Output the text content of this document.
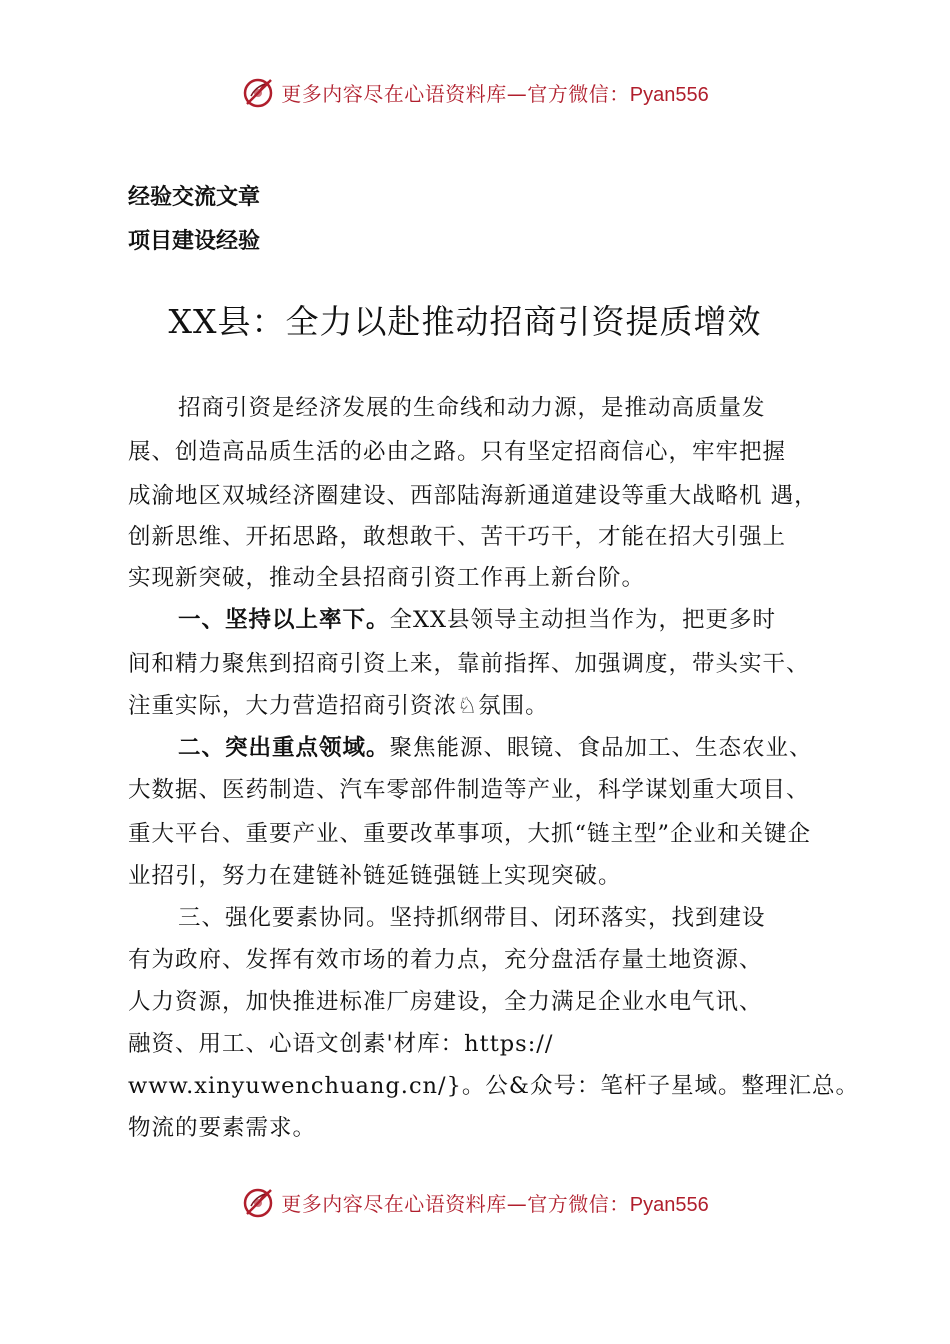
更多内容尽在心语资料库—官方微信：Pyan556
经验交流文章
项目建设经验
XX县：全力以赴推动招商引资提质增效
招商引资是经济发展的生命线和动力源，是推动高质量发
展、创造高品质生活的必由之路。只有坚定招商信心，牢牢把握
成渝地区双城经济圈建设、西部陆海新通道建设等重大战略机 遇，
创新思维、开拓思路，敢想敢干、苦干巧干，才能在招大引强上
实现新突破，推动全县招商引资工作再上新台阶。
一、坚持以上率下。全XX县领导主动担当作为，把更多时
间和精力聚焦到招商引资上来，靠前指挥、加强调度，带头实干、
注重实际，大力营造招商引资浓♘氛围。
二、突出重点领域。聚焦能源、眼镜、食品加工、生态农业、
大数据、医药制造、汽车零部件制造等产业，科学谋划重大项目、
重大平台、重要产业、重要改革事项，大抓“链主型”企业和关键企
业招引，努力在建链补链延链强链上实现突破。
三、强化要素协同。坚持抓纲带目、闭环落实，找到建设
有为政府、发挥有效市场的着力点，充分盘活存量土地资源、
人力资源，加快推进标准厂房建设，全力满足企业水电气讯、
融资、用工、心语文创素'材库：https://
www.xinyuwenchuang.cn/}。公&众号：笔杆子星域。整理汇总。
物流的要素需求。
更多内容尽在心语资料库—官方微信：Pyan556
